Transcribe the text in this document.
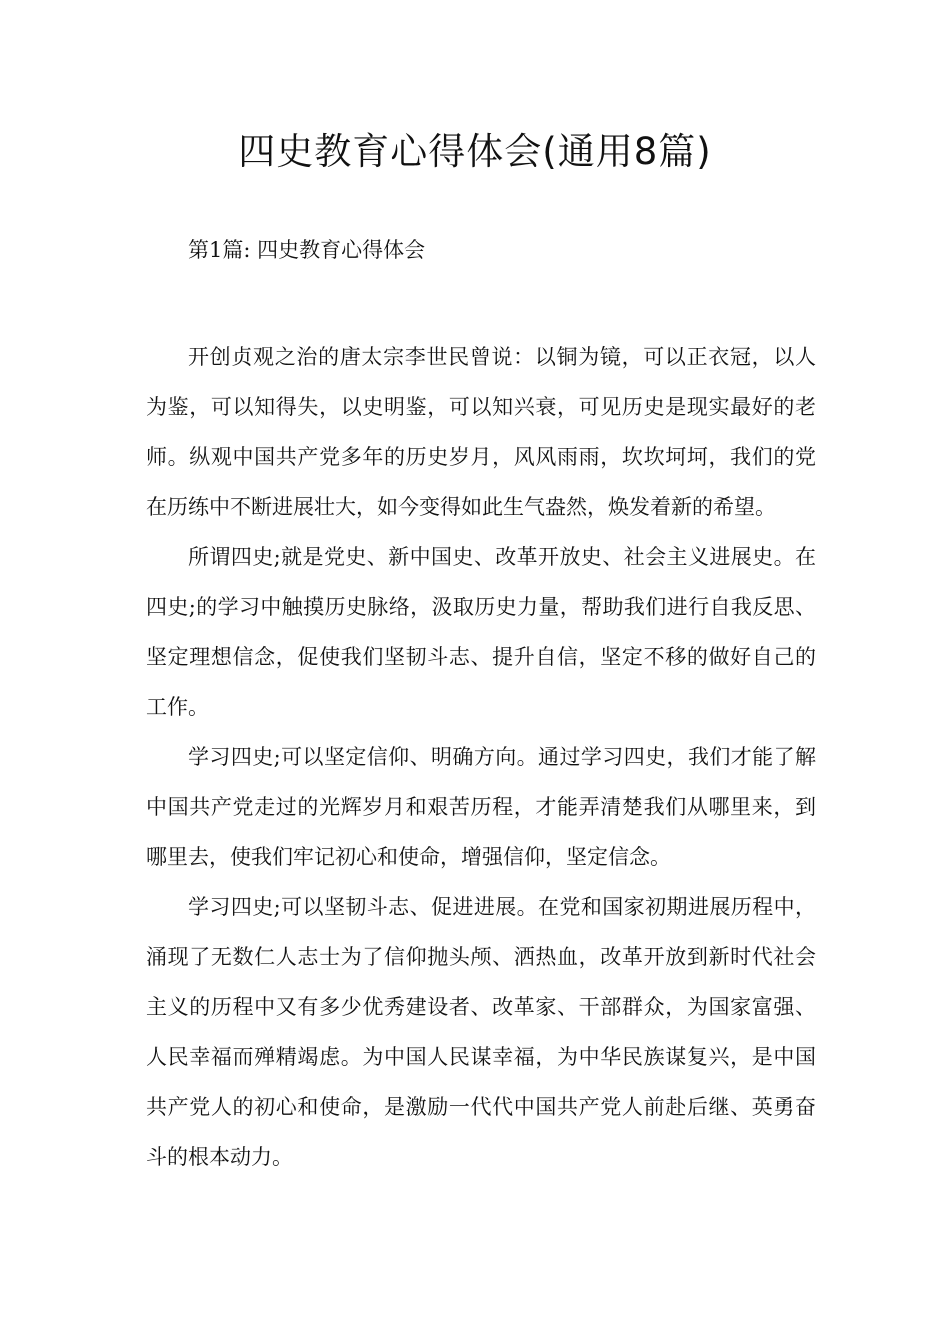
四史教育心得体会(通用8篇)

第1篇: 四史教育心得体会

开创贞观之治的唐太宗李世民曾说：以铜为镜，可以正衣冠，以人为鉴，可以知得失，以史明鉴，可以知兴衰，可见历史是现实最好的老师。纵观中国共产党多年的历史岁月，风风雨雨，坎坎坷坷，我们的党在历练中不断进展壮大，如今变得如此生气盎然，焕发着新的希望。

所谓四史;就是党史、新中国史、改革开放史、社会主义进展史。在四史;的学习中触摸历史脉络，汲取历史力量，帮助我们进行自我反思、坚定理想信念，促使我们坚韧斗志、提升自信，坚定不移的做好自己的工作。

学习四史;可以坚定信仰、明确方向。通过学习四史，我们才能了解中国共产党走过的光辉岁月和艰苦历程，才能弄清楚我们从哪里来，到哪里去，使我们牢记初心和使命，增强信仰，坚定信念。

学习四史;可以坚韧斗志、促进进展。在党和国家初期进展历程中，涌现了无数仁人志士为了信仰抛头颅、洒热血，改革开放到新时代社会主义的历程中又有多少优秀建设者、改革家、干部群众，为国家富强、人民幸福而殚精竭虑。为中国人民谋幸福，为中华民族谋复兴，是中国共产党人的初心和使命，是激励一代代中国共产党人前赴后继、英勇奋斗的根本动力。
